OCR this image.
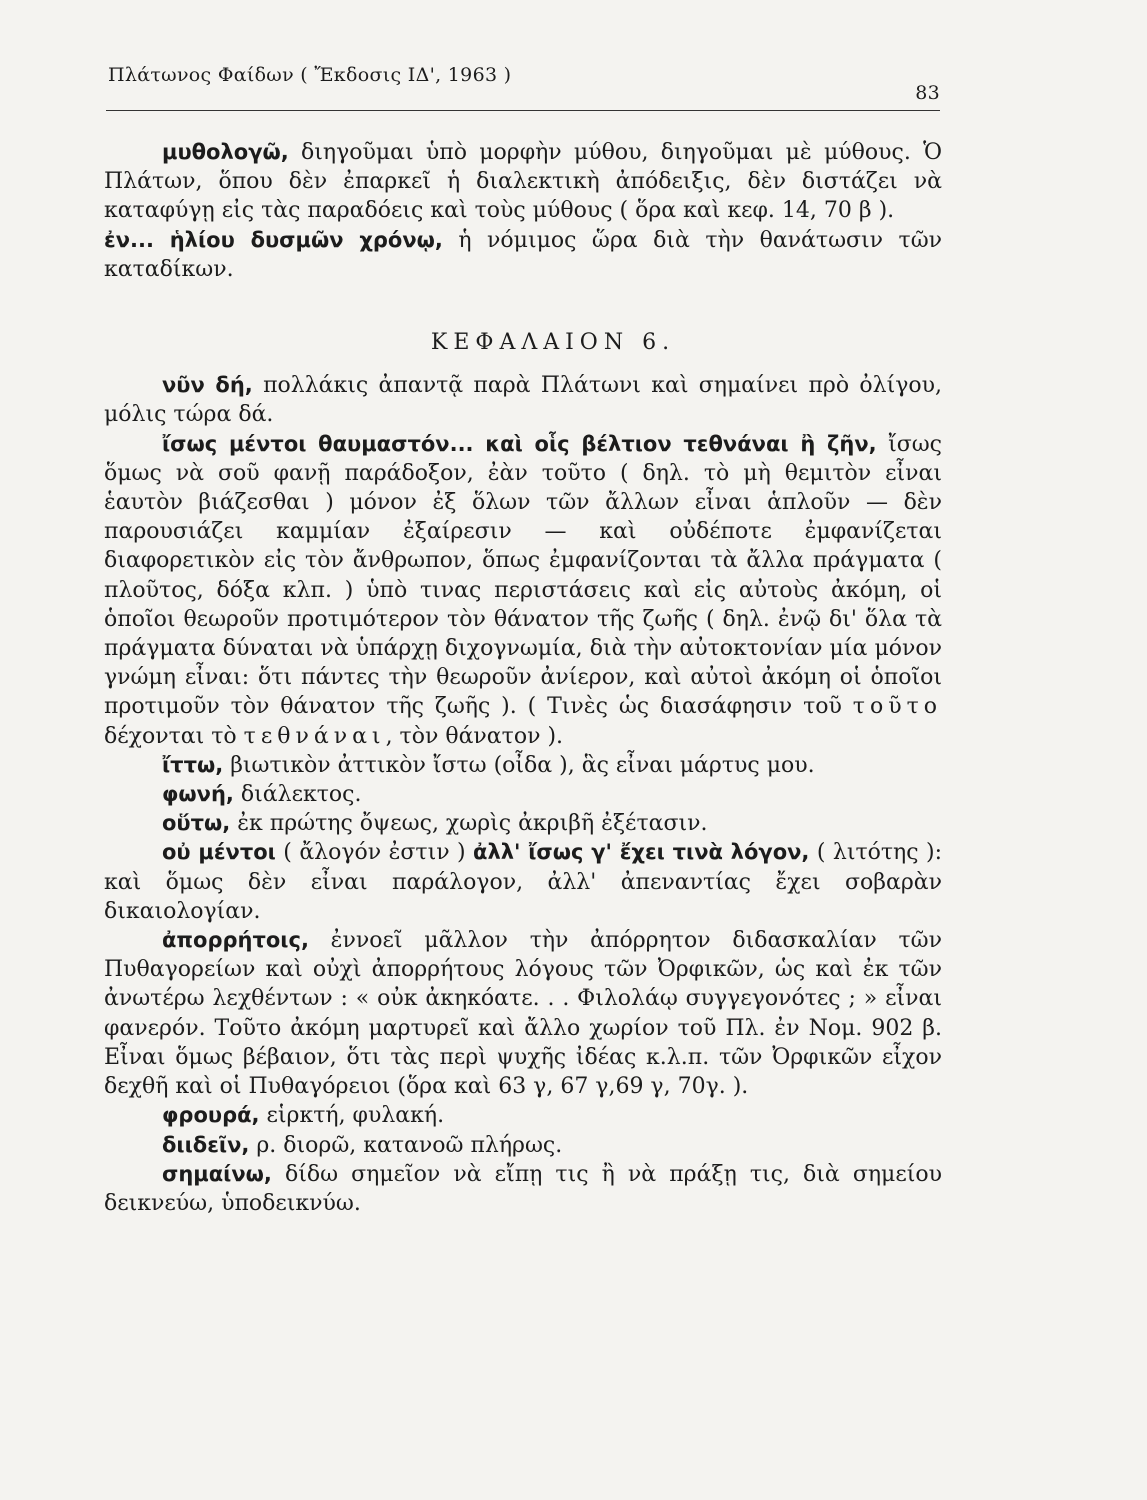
Πλάτωνος Φαίδων ( Ἔκδοσις ΙΔ', 1963 )
83

μυθολογῶ, διηγοῦμαι ὑπὸ μορφὴν μύθου, διηγοῦμαι μὲ μύθους. Ὁ Πλάτων, ὅπου δὲν ἐπαρκεῖ ἡ διαλεκτικὴ ἀπόδειξις, δὲν διστάζει νὰ καταφύγῃ εἰς τὰς παραδόεις καὶ τοὺς μύθους ( ὅρα καὶ κεφ. 14, 70 β ).

ἐν... ἡλίου δυσμῶν χρόνῳ, ἡ νόμιμος ὥρα διὰ τὴν θανάτωσιν τῶν καταδίκων.

ΚΕΦΑΛΑΙΟΝ 6.

νῦν δή, πολλάκις ἀπαντᾷ παρὰ Πλάτωνι καὶ σημαίνει πρὸ ὀλίγου, μόλις τώρα δά.

ἴσως μέντοι θαυμαστόν... καὶ οἷς βέλτιον τεθνάναι ἢ ζῆν, ἴσως ὅμως νὰ σοῦ φανῇ παράδοξον, ἐὰν τοῦτο ( δηλ. τὸ μὴ θεμιτὸν εἶναι ἑαυτὸν βιάζεσθαι ) μόνον ἐξ ὅλων τῶν ἄλλων εἶναι ἁπλοῦν — δὲν παρουσιάζει καμμίαν ἐξαίρεσιν — καὶ οὐδέποτε ἐμφανίζεται διαφορετικὸν εἰς τὸν ἄνθρωπον, ὅπως ἐμφανίζονται τὰ ἄλλα πράγματα ( πλοῦτος, δόξα κλπ. ) ὑπὸ τινας περιστάσεις καὶ εἰς αὐτοὺς ἀκόμη, οἱ ὁποῖοι θεωροῦν προτιμότερον τὸν θάνατον τῆς ζωῆς ( δηλ. ἐνῷ δι' ὅλα τὰ πράγματα δύναται νὰ ὑπάρχῃ διχογνωμία, διὰ τὴν αὐτοκτονίαν μία μόνον γνώμη εἶναι: ὅτι πάντες τὴν θεωροῦν ἀνίερον, καὶ αὐτοὶ ἀκόμη οἱ ὁποῖοι προτιμοῦν τὸν θάνατον τῆς ζωῆς ). ( Τινὲς ὡς διασάφησιν τοῦ τοῦτο δέχονται τὸ τεθνάναι, τὸν θάνατον ).

ἴττω, βιωτικὸν ἀττικὸν ἴστω (οἶδα ), ἃς εἶναι μάρτυς μου.

φωνή, διάλεκτος.

οὕτω, ἐκ πρώτης ὄψεως, χωρὶς ἀκριβῆ ἐξέτασιν.

οὐ μέντοι ( ἄλογόν ἐστιν ) ἀλλ' ἴσως γ' ἔχει τινὰ λόγον, ( λιτότης ): καὶ ὅμως δὲν εἶναι παράλογον, ἀλλ' ἀπεναντίας ἔχει σοβαρὰν δικαιολογίαν.

ἀπορρήτοις, ἐννοεῖ μᾶλλον τὴν ἀπόρρητον διδασκαλίαν τῶν Πυθαγορείων καὶ οὐχὶ ἀπορρήτους λόγους τῶν Ὀρφικῶν, ὡς καὶ ἐκ τῶν ἀνωτέρω λεχθέντων : « οὐκ ἀκηκόατε. . . Φιλολάῳ συγγεγονότες ; » εἶναι φανερόν. Τοῦτο ἀκόμη μαρτυρεῖ καὶ ἄλλο χωρίον τοῦ Πλ. ἐν Νομ. 902 β. Εἶναι ὅμως βέβαιον, ὅτι τὰς περὶ ψυχῆς ἰδέας κ.λ.π. τῶν Ὀρφικῶν εἶχον δεχθῆ καὶ οἱ Πυθαγόρειοι (ὅρα καὶ 63 γ, 67 γ,69 γ, 70γ. ).

φρουρά, εἱρκτή, φυλακή.

διιδεῖν, ρ. διορῶ, κατανοῶ πλήρως.

σημαίνω, δίδω σημεῖον νὰ εἴπῃ τις ἢ νὰ πράξῃ τις, διὰ σημείου δεικνεύω, ὑποδεικνύω.
